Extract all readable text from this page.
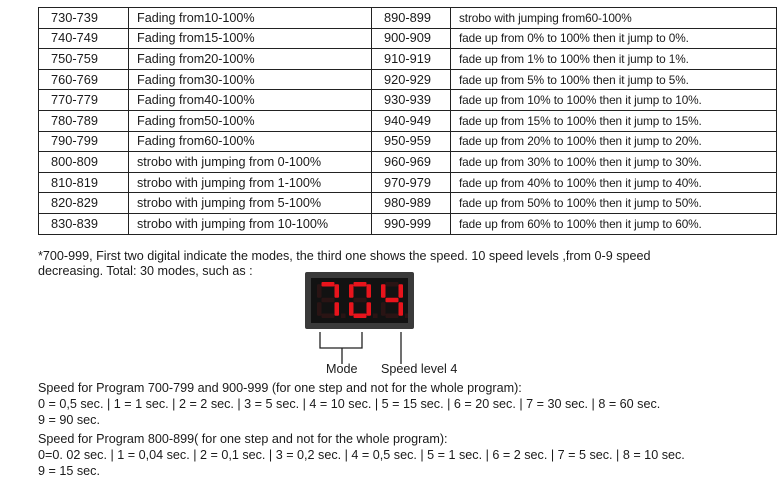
730-739	Fading from10-100%	890-899	strobo with jumping from60-100%
740-749	Fading from15-100%	900-909	fade up from 0% to 100% then it jump to 0%.
750-759	Fading from20-100%	910-919	fade up from 1% to 100% then it jump to 1%.
760-769	Fading from30-100%	920-929	fade up from 5% to 100% then it jump to 5%.
770-779	Fading from40-100%	930-939	fade up from 10% to 100% then it jump to 10%.
780-789	Fading from50-100%	940-949	fade up from 15% to 100% then it jump to 15%.
790-799	Fading from60-100%	950-959	fade up from 20% to 100% then it jump to 20%.
800-809	strobo with jumping from 0-100%	960-969	fade up from 30% to 100% then it jump to 30%.
810-819	strobo with jumping from 1-100%	970-979	fade up from 40% to 100% then it jump to 40%.
820-829	strobo with jumping from 5-100%	980-989	fade up from 50% to 100% then it jump to 50%.
830-839	strobo with jumping from 10-100%	990-999	fade up from 60% to 100% then it jump to 60%.
*700-999, First two digital indicate the modes, the third one shows the speed. 10 speed levels ,from 0-9 speed
decreasing. Total: 30 modes, such as :
Mode Speed level 4
Speed for Program 700-799 and 900-999 (for one step and not for the whole program):
0 = 0,5 sec. | 1 = 1 sec. | 2 = 2 sec. | 3 = 5 sec. | 4 = 10 sec. | 5 = 15 sec. | 6 = 20 sec. | 7 = 30 sec. | 8 = 60 sec.
9 = 90 sec.
Speed for Program 800-899( for one step and not for the whole program):
0=0. 02 sec. | 1 = 0,04 sec. | 2 = 0,1 sec. | 3 = 0,2 sec. | 4 = 0,5 sec. | 5 = 1 sec. | 6 = 2 sec. | 7 = 5 sec. | 8 = 10 sec.
9 = 15 sec.
